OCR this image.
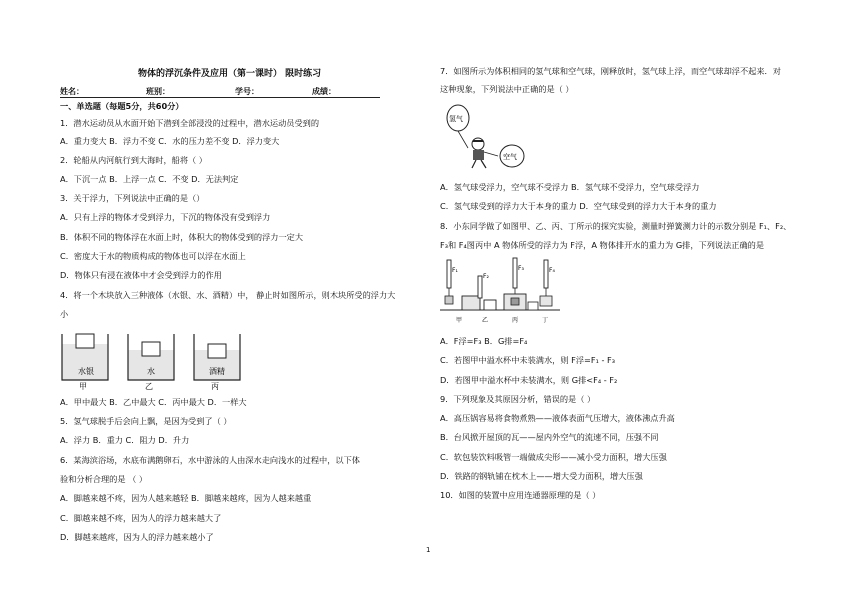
物体的浮沉条件及应用（第一课时） 限时练习
姓名：	班别：	学号：	成绩：
一、单选题（每题5分，共60分）
1．潜水运动员从水面开始下潜到全部浸没的过程中，潜水运动员受到的
A．重力变大 B．浮力不变 C．水的压力差不变 D．浮力变大
2．轮船从内河航行到大海时，船将（ ）
A．下沉一点 B．上浮一点 C．不变 D．无法判定
3．关于浮力，下列说法中正确的是（）
A．只有上浮的物体才受到浮力，下沉的物体没有受到浮力
B．体积不同的物体浮在水面上时，体积大的物体受到的浮力一定大
C．密度大于水的物质构成的物体也可以浮在水面上
D．物体只有浸在液体中才会受到浮力的作用
4．将一个木块放入三种液体（水银、水、酒精）中， 静止时如图所示，则木块所受的浮力大
小
水银
甲
水
乙
酒精
丙
A．甲中最大 B．乙中最大 C．丙中最大 D．一样大
5．氢气球脱手后会向上飘，是因为受到了（ ）
A．浮力 B．重力 C．阻力 D．升力
6．某海滨浴场，水底布满鹅卵石，水中游泳的人由深水走向浅水的过程中，以下体
验和分析合理的是 （ ）
A．脚越来越不疼，因为人越来越轻 B．脚越来越疼，因为人越来越重
C．脚越来越不疼，因为人的浮力越来越大了
D．脚越来越疼，因为人的浮力越来越小了
7．如图所示为体积相同的氢气球和空气球，刚释放时，氢气球上浮，而空气球却浮不起来．对
这种现象，下列说法中正确的是（ ）
氢气
空气
A．氢气球受浮力，空气球不受浮力 B．氢气球不受浮力，空气球受浮力
C．氢气球受到的浮力大于本身的重力 D．空气球受到的浮力大于本身的重力
8．小东同学做了如图甲、乙、丙、丁所示的探究实验，测量时弹簧测力计的示数分别是 F₁、F₂、
F₃和 F₄图丙中 A 物体所受的浮力为 F浮，A 物体排开水的重力为 G排，下列说法正确的是
F₁
F₂
F₃	F₄
甲	乙	丙	丁
A．F浮=F₃ B．G排=F₄
C．若图甲中溢水杯中未装满水，则 F浮=F₁ - F₃
D．若图甲中溢水杯中未装满水，则 G排<F₄ - F₂
9．下列现象及其原因分析，错误的是（ ）
A．高压锅容易将食物煮熟——液体表面气压增大，液体沸点升高
B．台风掀开屋顶的瓦——屋内外空气的流速不同，压强不同
C．软包装饮料吸管一端做成尖形——减小受力面积，增大压强
D．铁路的钢轨铺在枕木上——增大受力面积，增大压强
10．如图的装置中应用连通器原理的是（ ）
1
